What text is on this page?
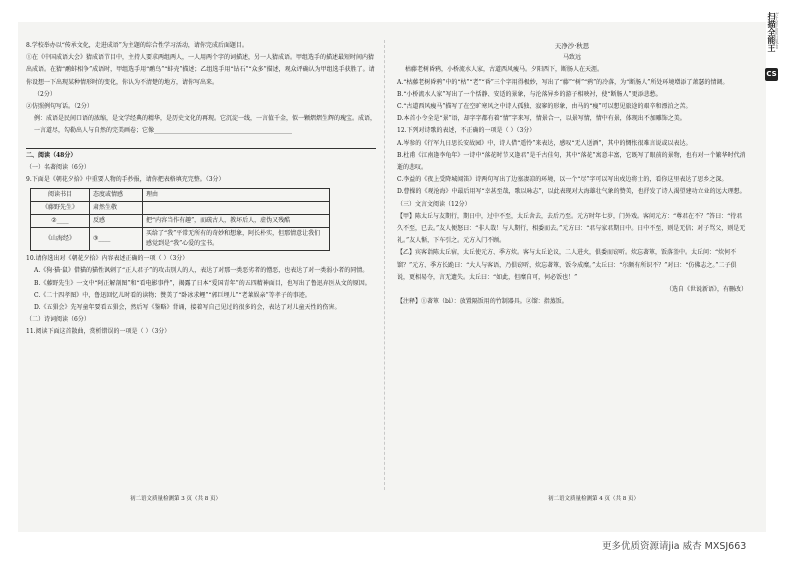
扫描全能王 3亿人都在用的扫描App
CS

8.学校举办以“传承文化，走进成语”为主题的综合性学习活动，请你完成后面题目。

①在《中国成语大会》猜成语节目中，主持人要求两组两人，一人用两个字的词描述，另一人猜成语。甲组选手的描述最短时间内猜出成语。在猜“鹬蚌相争”成语时，甲组选手用“鹬鸟”“蚌壳”描述；乙组选手用“钻石”“众多”描述，观众评确认为甲组选手获胜了。请你设想一下出现某种情形时的变化，你认为不清楚的地方，请你写出来。

（2分）

②仿照例句写话。（2分）

例：成语是民间口语的浓缩，是文学经典的精华，是历史文化的再现。它沉淀一线，一言值千金，似一颗熠熠生辉的瑰宝。成语，一言道尽，勾勒出人与自然的完美画卷；它像______________________________________________

二、阅读（48分）

（一）名著阅读（6分）

9.下面是《朝花夕拾》中重要人物的手抄报，请你把表格填充完整。（3分）

阅读书目	态度或情感	理由
《藤野先生》	肃然生敬	
②____	反感	把“内容当作有趣”，而疏古人，教坏后人，虚伪又残酷
《山海经》	③____	买给了“我”平常无所有的奇妙和想象，阿长朴实，但那情意让我们感觉到是“我”心爱的宝书。

10.请你选出对《朝花夕拾》内容表述正确的一项（ ）（3分）

A.《狗·猫·鼠》借猫的猫性讽刺了“正人君子”的攻击别人的人，表达了对那一类恶劣者的憎恶，也表达了对一类弱小者的同情。

B.《藤野先生》一文中“阿正解剖图”和“看电影事件”，揭露了日本“爱国青年”的五四精神面目，也写出了鲁迅弃医从文的原因。

C.《二十四孝图》中，鲁迅回忆儿时看的读物；赞美了“卧冰求鲤”“郭巨埋儿”“老莱娱亲”等孝子的事迹。

D.《五猖会》先写童年要看五猖会，然后写《鉴略》背诵，接着写自己见过的很多的会，表达了对儿童天性的伤害。

（二）诗词阅读（6分）

11.阅读下面这首散曲，赏析错误的一项是（ ）（3分）

初二语文质量检测第 3 页（共 8 页）

天净沙·秋思

马致远

枯藤老树昏鸦，小桥流水人家，古道西风瘦马。夕阳西下，断肠人在天涯。

A.“枯藤老树昏鸦”中的“枯”“老”“昏”三个字用得极妙，写出了“藤”“树”“鸦”的冷落，为“断肠人”所处环境增添了萧瑟的情调。

B.“小桥流水人家”写出了一个恬静、安适的景象，与沦落异乡的游子相映衬，使“断肠人”更添悲愁。

C.“古道西风瘦马”描写了在空旷寒风之中诗人孤独、寂寥的形象，由马的“瘦”可以想见旅途的艰辛和漂泊之苦。

D.本首小令全是“景”语，却字字都有着“情”字来写，情景合一，以景写情，情中有景，体现出不加雕饰之美。

12.下列对诗歌的表述，不正确的一项是（ ）（3分）

A.岑参的《行军九日思长安故园》中，诗人借“遥怜”来表达，感叹“无人送酒”，其中的惆怅很难言说或以表达。

B.杜甫《江南逢李龟年》一诗中“落花时节又逢君”是千古佳句，其中“落花”寓意丰富，它既写了眼前的景物，也有对一个繁华时代消逝的悲叹。

C.李益的《夜上受降城闻笛》诗两句写出了边塞凄凉的环境，以一个“尽”字可以写出戍边将士的，看你这里表达了思乡之深。

D.曹操的《观沧海》中最后用写“幸甚至哉，歌以咏志”，以此表现对大海雄壮气象的赞美，也抒发了诗人渴望建功立业的远大理想。

（三）文言文阅读（12分）

【甲】陈太丘与友期行，期日中，过中不至，太丘舍去，去后乃至。元方时年七岁，门外戏。客问元方：“尊君在不？”答曰：“待君久不至，已去。”友人便怒曰：“非人哉！与人期行，相委而去。”元方曰：“君与家君期日中。日中不至，则是无信；对子骂父，则是无礼。”友人惭，下车引之。元方入门不顾。

【乙】宾客诣陈太丘宿，太丘使元方、季方炊。客与太丘论议，二人进火，俱委而窃听。炊忘著箪，饭落釜中。太丘问：“炊何不馏？”元方、季方长跪曰：“大人与客语，乃俱窃听，炊忘著箪，饭今成糜。”太丘曰：“尔颇有所识不？”对曰：“仿佛志之。”二子俱说，更相易夺，言无遗失。太丘曰：“如此，但糜自可，何必饭也！”

（选自《世说新语》，有删改）

【注释】①著箪（bì）：放置隔饭用的竹制器具。②馏：指蒸饭。

初二语文质量检测第 4 页（共 8 页）
更多优质资源请jia 威杏 MXSJ663
